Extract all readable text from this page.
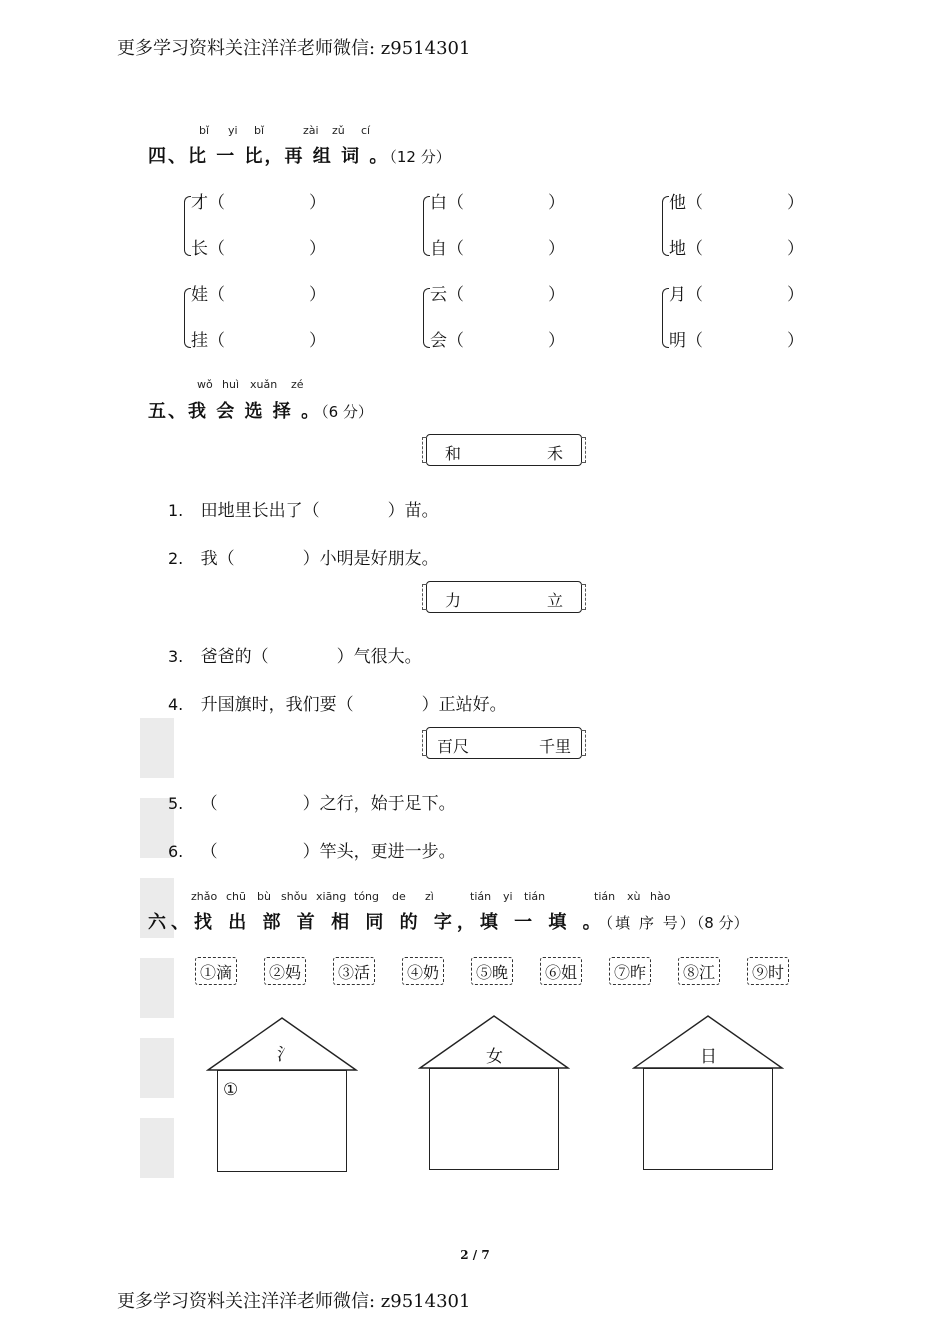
更多学习资料关注洋洋老师微信: z9514301
bǐ yi bǐ	zài zǔ cí
四、比 一 比，再 组 词 。（12 分）
才（	）
长（	）
白（	）
自（	）
他（	）
地（	）
娃（	）
挂（	）
云（	）
会（	）
月（	）
明（	）
wǒ huì xuǎn zé
五、我 会 选 择 。（6 分）
和	禾
1. 田地里长出了（　　　　）苗。
2. 我（　　　　）小明是好朋友。
力	立
3. 爸爸的（　　　　）气很大。
4. 升国旗时，我们要（　　　　）正站好。
百尺	千里
5. （　　　　　）之行，始于足下。
6. （　　　　　）竿头，更进一步。
zhǎo chū bù shǒu xiāng tóng de zì	tián yi tián	tián xù hào
六、找 出 部 首 相 同 的 字，填 一 填 。（填 序 号）（8 分）
①滴	②妈	③活	④奶	⑤晚	⑥姐	⑦昨	⑧江	⑨时
氵
①
女	日
2 / 7
更多学习资料关注洋洋老师微信: z9514301
